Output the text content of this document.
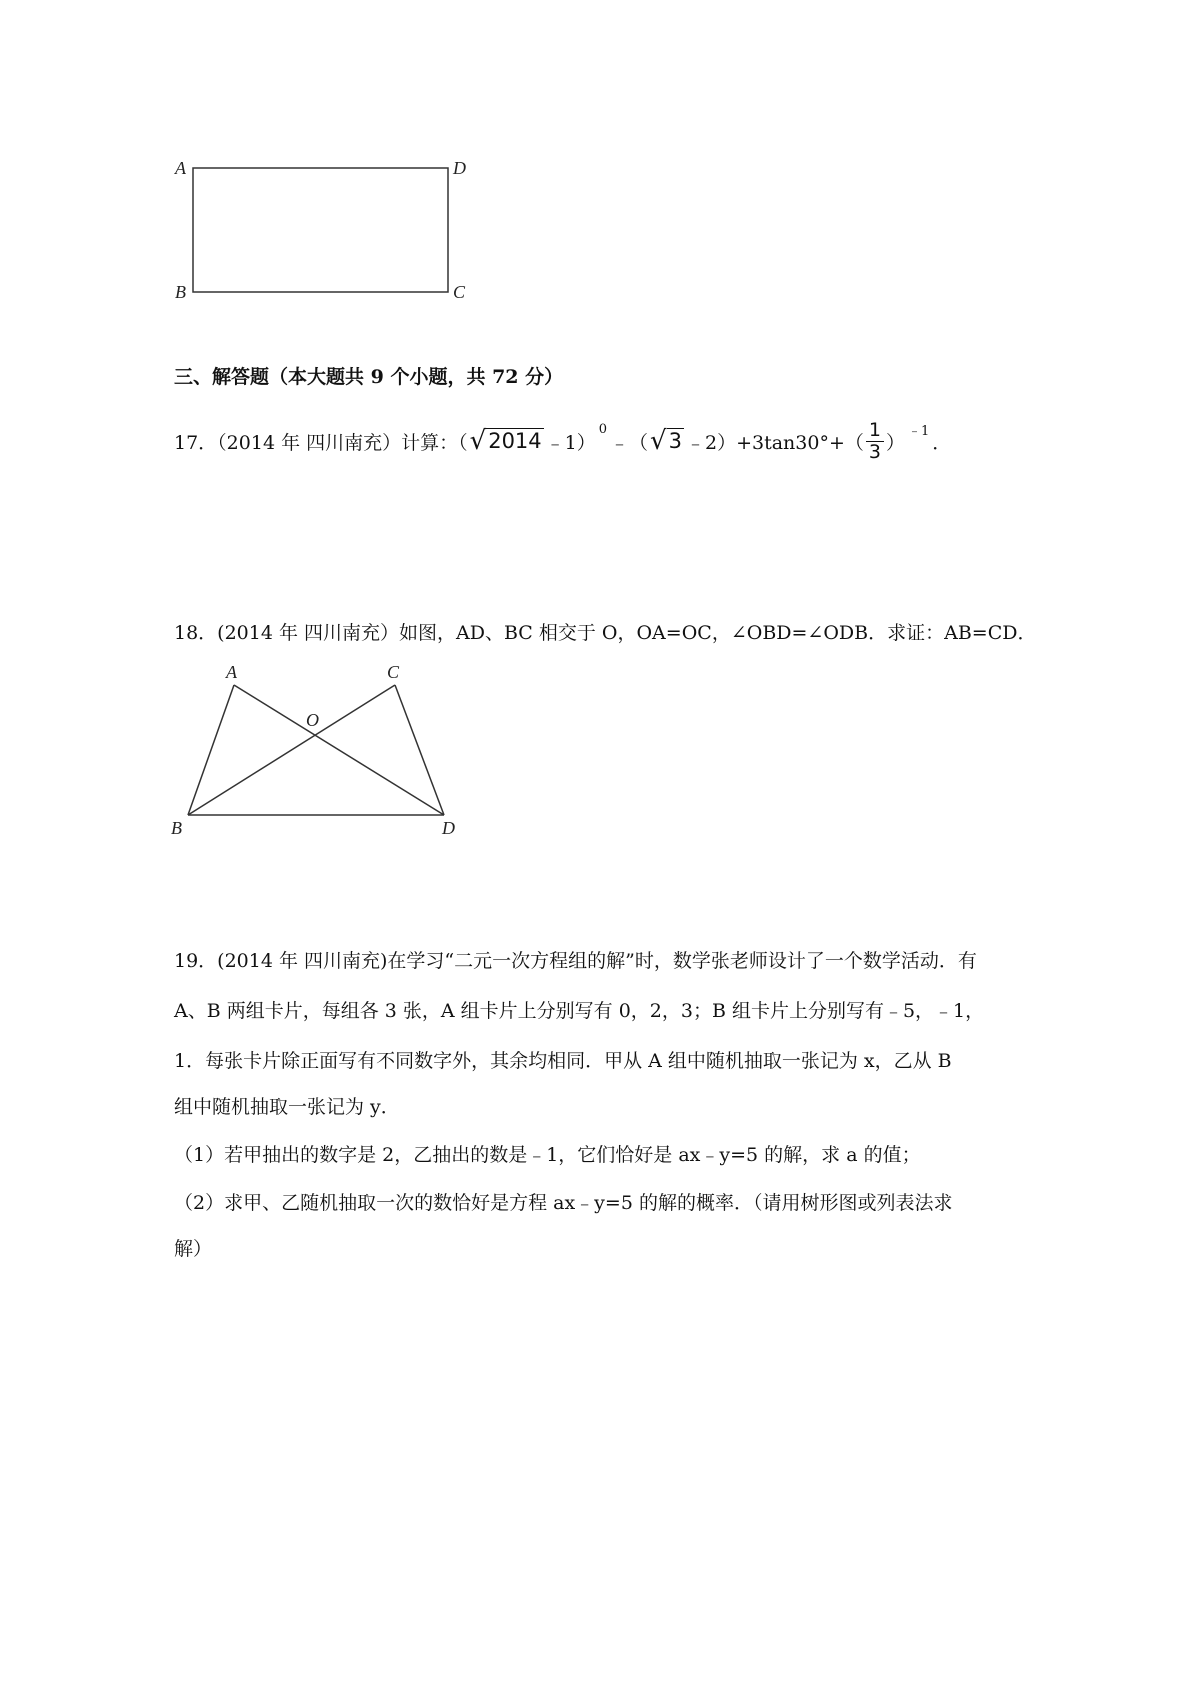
A	D
B	C
三、解答题（本大题共 9 个小题，共 72 分）
17．（2014 年 四川南充）计算：（ √ 2014 ﹣1）
0
﹣（ √ 3 ﹣2）+3tan30°+（ $\frac{1}{3}$ ）
﹣1
．
18．(2014 年 四川南充）如图，AD、BC 相交于 O，OA=OC，∠OBD=∠ODB．求证：AB=CD．
A	C
O
B	D
19．(2014 年 四川南充)在学习“二元一次方程组的解”时，数学张老师设计了一个数学活动．有
A、B 两组卡片，每组各 3 张，A 组卡片上分别写有 0，2，3；B 组卡片上分别写有﹣5，﹣1，
1．每张卡片除正面写有不同数字外，其余均相同．甲从 A 组中随机抽取一张记为 x，乙从 B
组中随机抽取一张记为 y．
（1）若甲抽出的数字是 2，乙抽出的数是﹣1，它们恰好是 ax﹣y=5 的解，求 a 的值；
（2）求甲、乙随机抽取一次的数恰好是方程 ax﹣y=5 的解的概率．（请用树形图或列表法求
解）
